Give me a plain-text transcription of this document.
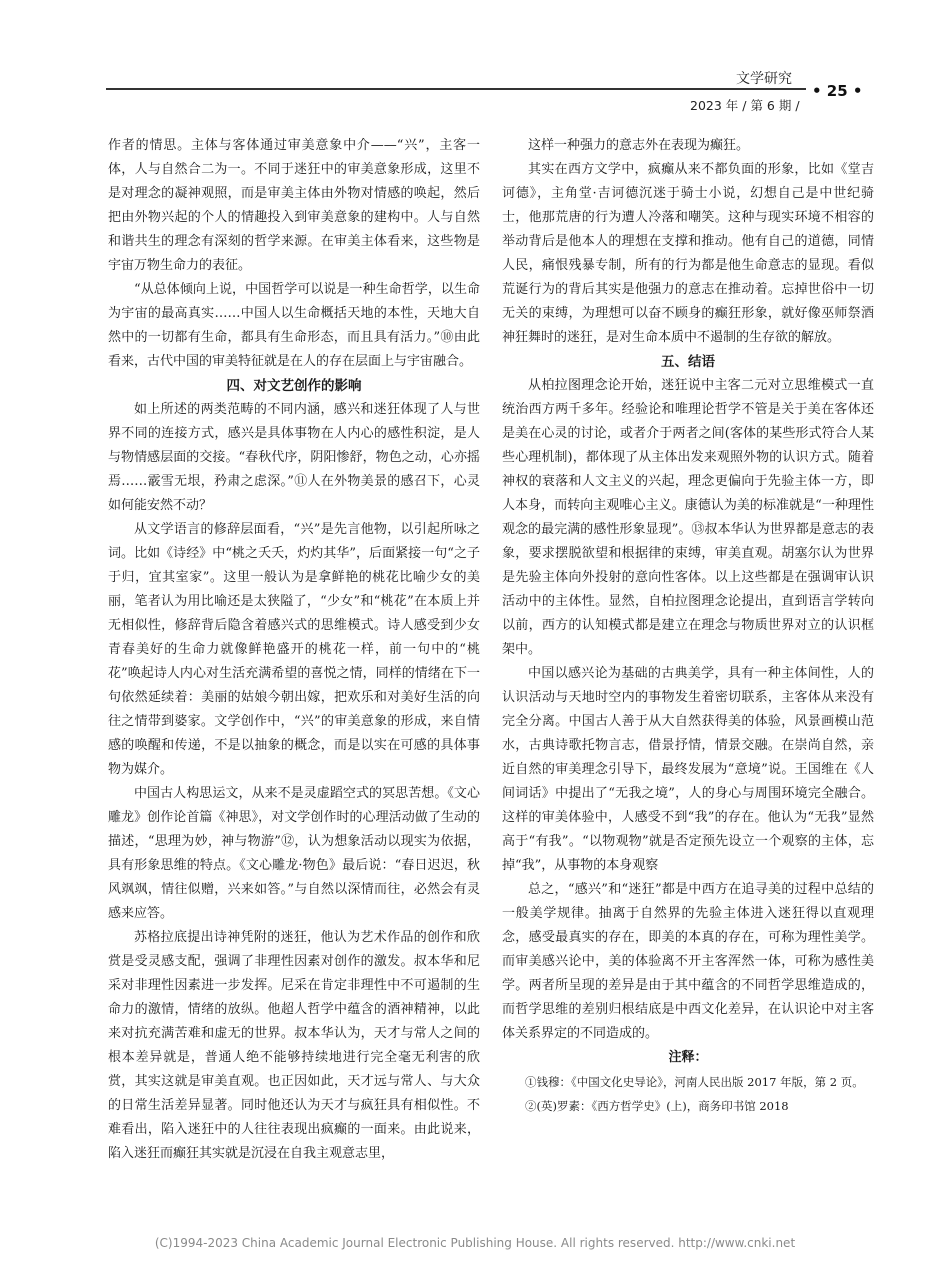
文学研究
• 25 •
2023 年 / 第 6 期 /

作者的情思。主体与客体通过审美意象中介——“兴”，主客一体，人与自然合二为一。不同于迷狂中的审美意象形成，这里不是对理念的凝神观照，而是审美主体由外物对情感的唤起，然后把由外物兴起的个人的情趣投入到审美意象的建构中。人与自然和谐共生的理念有深刻的哲学来源。在审美主体看来，这些物是宇宙万物生命力的表征。

“从总体倾向上说，中国哲学可以说是一种生命哲学，以生命为宇宙的最高真实……中国人以生命概括天地的本性，天地大自然中的一切都有生命，都具有生命形态，而且具有活力。”⑩由此看来，古代中国的审美特征就是在人的存在层面上与宇宙融合。

四、对文艺创作的影响

如上所述的两类范畴的不同内涵，感兴和迷狂体现了人与世界不同的连接方式，感兴是具体事物在人内心的感性积淀，是人与物情感层面的交接。“春秋代序，阴阳惨舒，物色之动，心亦摇焉……霰雪无垠，矜肃之虑深。”⑪人在外物美景的感召下，心灵如何能安然不动？

从文学语言的修辞层面看，“兴”是先言他物，以引起所咏之词。比如《诗经》中“桃之夭夭，灼灼其华”，后面紧接一句“之子于归，宜其室家”。这里一般认为是拿鲜艳的桃花比喻少女的美丽，笔者认为用比喻还是太狭隘了，“少女”和“桃花”在本质上并无相似性，修辞背后隐含着感兴式的思维模式。诗人感受到少女青春美好的生命力就像鲜艳盛开的桃花一样，前一句中的“桃花”唤起诗人内心对生活充满希望的喜悦之情，同样的情绪在下一句依然延续着：美丽的姑娘今朝出嫁，把欢乐和对美好生活的向往之情带到婆家。文学创作中，“兴”的审美意象的形成，来自情感的唤醒和传递，不是以抽象的概念，而是以实在可感的具体事物为媒介。

中国古人构思运文，从来不是灵虚蹈空式的冥思苦想。《文心雕龙》创作论首篇《神思》，对文学创作时的心理活动做了生动的描述，“思理为妙，神与物游”⑫，认为想象活动以现实为依据，具有形象思维的特点。《文心雕龙·物色》最后说：“春日迟迟，秋风飒飒，情往似赠，兴来如答。”与自然以深情而往，必然会有灵感来应答。

苏格拉底提出诗神凭附的迷狂，他认为艺术作品的创作和欣赏是受灵感支配，强调了非理性因素对创作的激发。叔本华和尼采对非理性因素进一步发挥。尼采在肯定非理性中不可遏制的生命力的激情，情绪的放纵。他超人哲学中蕴含的酒神精神，以此来对抗充满苦难和虚无的世界。叔本华认为，天才与常人之间的根本差异就是，普通人绝不能够持续地进行完全毫无利害的欣赏，其实这就是审美直观。也正因如此，天才远与常人、与大众的日常生活差异显著。同时他还认为天才与疯狂具有相似性。不难看出，陷入迷狂中的人往往表现出疯癫的一面来。由此说来，陷入迷狂而癫狂其实就是沉浸在自我主观意志里，

这样一种强力的意志外在表现为癫狂。

其实在西方文学中，疯癫从来不都负面的形象，比如《堂吉诃德》，主角堂·吉诃德沉迷于骑士小说，幻想自己是中世纪骑士，他那荒唐的行为遭人冷落和嘲笑。这种与现实环境不相容的举动背后是他本人的理想在支撑和推动。他有自己的道德，同情人民，痛恨残暴专制，所有的行为都是他生命意志的显现。看似荒诞行为的背后其实是他强力的意志在推动着。忘掉世俗中一切无关的束缚，为理想可以奋不顾身的癫狂形象，就好像巫师祭酒神狂舞时的迷狂，是对生命本质中不遏制的生存欲的解放。

五、结语

从柏拉图理念论开始，迷狂说中主客二元对立思维模式一直统治西方两千多年。经验论和唯理论哲学不管是关于美在客体还是美在心灵的讨论，或者介于两者之间(客体的某些形式符合人某些心理机制)，都体现了从主体出发来观照外物的认识方式。随着神权的衰落和人文主义的兴起，理念更偏向于先验主体一方，即人本身，而转向主观唯心主义。康德认为美的标准就是“一种理性观念的最完满的感性形象显现”。⑬叔本华认为世界都是意志的表象，要求摆脱欲望和根据律的束缚，审美直观。胡塞尔认为世界是先验主体向外投射的意向性客体。以上这些都是在强调审认识活动中的主体性。显然，自柏拉图理念论提出，直到语言学转向以前，西方的认知模式都是建立在理念与物质世界对立的认识框架中。

中国以感兴论为基础的古典美学，具有一种主体间性，人的认识活动与天地时空内的事物发生着密切联系，主客体从来没有完全分离。中国古人善于从大自然获得美的体验，风景画模山范水，古典诗歌托物言志，借景抒情，情景交融。在崇尚自然，亲近自然的审美理念引导下，最终发展为“意境”说。王国维在《人间词话》中提出了“无我之境”，人的身心与周围环境完全融合。这样的审美体验中，人感受不到“我”的存在。他认为“无我”显然高于“有我”。“以物观物”就是否定预先设立一个观察的主体，忘掉“我”，从事物的本身观察

总之，“感兴”和“迷狂”都是中西方在追寻美的过程中总结的一般美学规律。抽离于自然界的先验主体进入迷狂得以直观理念，感受最真实的存在，即美的本真的存在，可称为理性美学。而审美感兴论中，美的体验离不开主客浑然一体，可称为感性美学。两者所呈现的差异是由于其中蕴含的不同哲学思维造成的，而哲学思维的差别归根结底是中西文化差异，在认识论中对主客体关系界定的不同造成的。

注释：

①钱穆：《中国文化史导论》，河南人民出版 2017 年版，第 2 页。

②(英)罗素：《西方哲学史》(上)，商务印书馆 2018

(C)1994-2023 China Academic Journal Electronic Publishing House. All rights reserved. http://www.cnki.net
